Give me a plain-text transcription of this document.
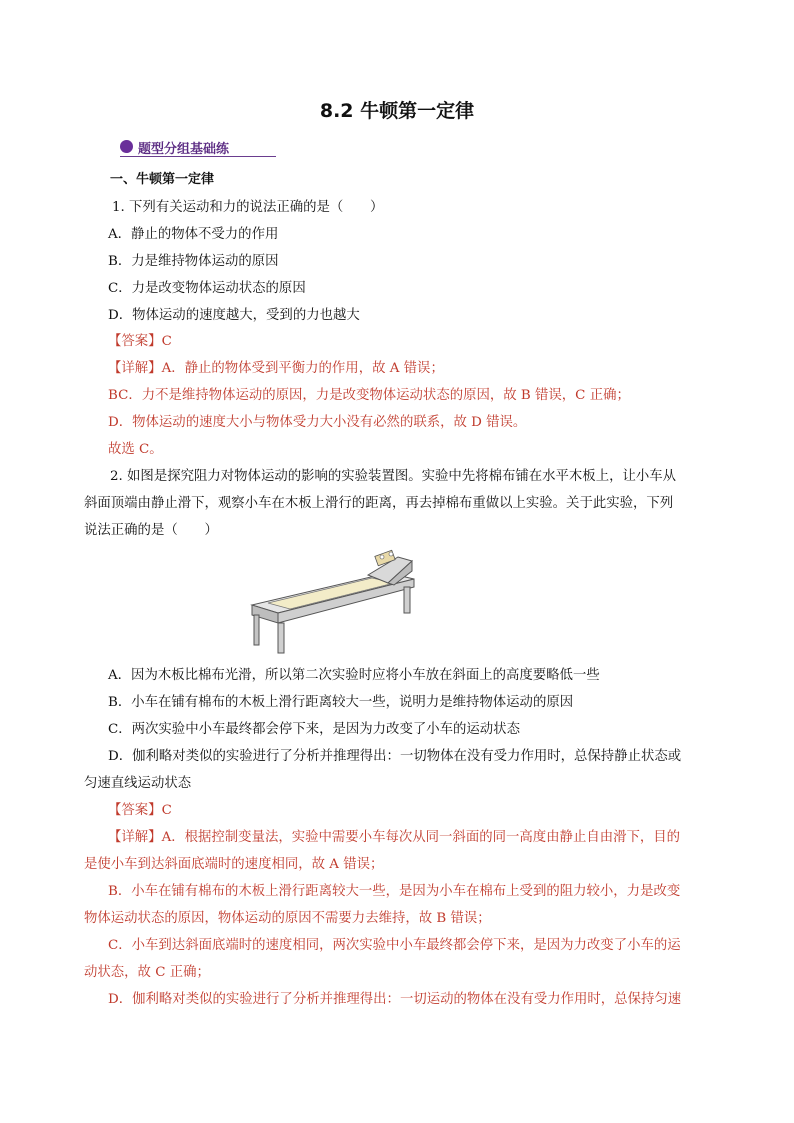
8.2 牛顿第一定律
题型分组基础练
一、牛顿第一定律
1. 下列有关运动和力的说法正确的是（　　）
A．静止的物体不受力的作用
B．力是维持物体运动的原因
C．力是改变物体运动状态的原因
D．物体运动的速度越大，受到的力也越大
【答案】C
【详解】A．静止的物体受到平衡力的作用，故 A 错误；
BC．力不是维持物体运动的原因，力是改变物体运动状态的原因，故 B 错误，C 正确；
D．物体运动的速度大小与物体受力大小没有必然的联系，故 D 错误。
故选 C。
2. 如图是探究阻力对物体运动的影响的实验装置图。实验中先将棉布铺在水平木板上，让小车从
斜面顶端由静止滑下，观察小车在木板上滑行的距离，再去掉棉布重做以上实验。关于此实验，下列
说法正确的是（　　）
A．因为木板比棉布光滑，所以第二次实验时应将小车放在斜面上的高度要略低一些
B．小车在铺有棉布的木板上滑行距离较大一些，说明力是维持物体运动的原因
C．两次实验中小车最终都会停下来，是因为力改变了小车的运动状态
D．伽利略对类似的实验进行了分析并推理得出：一切物体在没有受力作用时，总保持静止状态或
匀速直线运动状态
【答案】C
【详解】A．根据控制变量法，实验中需要小车每次从同一斜面的同一高度由静止自由滑下，目的
是使小车到达斜面底端时的速度相同，故 A 错误；
B．小车在铺有棉布的木板上滑行距离较大一些，是因为小车在棉布上受到的阻力较小，力是改变
物体运动状态的原因，物体运动的原因不需要力去维持，故 B 错误；
C．小车到达斜面底端时的速度相同，两次实验中小车最终都会停下来，是因为力改变了小车的运
动状态，故 C 正确；
D．伽利略对类似的实验进行了分析并推理得出：一切运动的物体在没有受力作用时，总保持匀速
